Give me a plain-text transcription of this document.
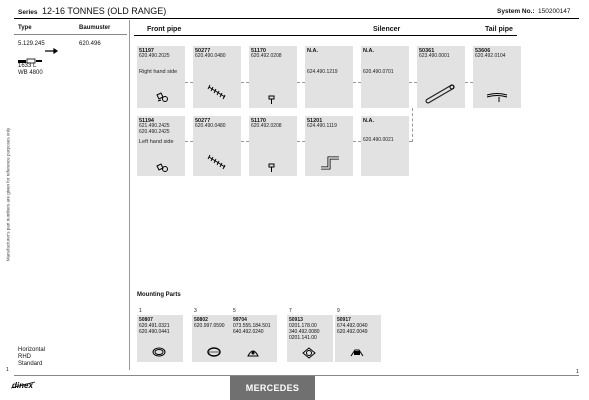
Series 12-16 TONNES (OLD RANGE)	System No.: 150200147
Manufacturer's part numbers are given for reference purposes only
Type	Baumuster
5.129.245	620.496
1633 L
WB 4800
Horizontal
RHD
Standard
Front pipe	Silencer	Tail pipe
51197
620.490.2025
Right hand side
50277
620.490.0480
51170
620.492.0208
N.A.
624.490.1219
N.A.
620.490.0701
50361
623.490.0001
53606
620.492.0104
51194
621.490.2425
620.490.2425
Left hand side
50277
620.490.0480
51170
620.492.0208
51201
624.490.1119
N.A.
620.490.0021
Mounting Parts
1
50807
620.491.0321
620.490.0441
3
50802
620.997.0590
5
99704
073.555.184.501
640.492.0240
7
50913
0201.178.00
340.492.0080
0201.141.00
9
50917
674.492.0040
620.492.0049
1	1
dinex	MERCEDES
